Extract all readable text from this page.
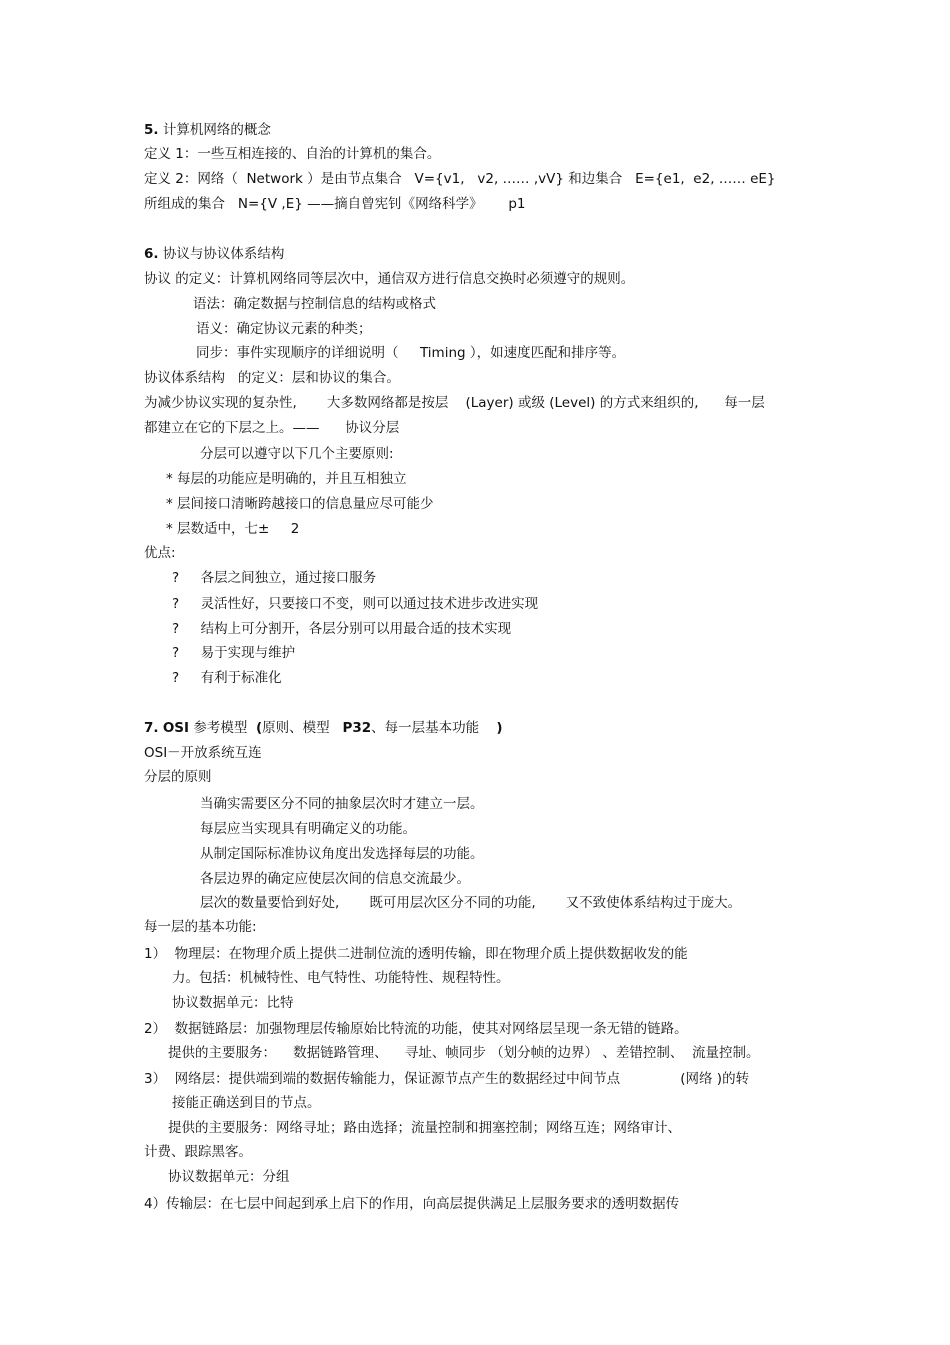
5. 计算机网络的概念

定义 1：一些互相连接的、自治的计算机的集合。

定义 2：网络（  Network ）是由节点集合   V={v1,   v2, …… ,vV} 和边集合   E={e1,  e2, …… eE}

所组成的集合   N={V ,E} ——摘自曾宪钊《网络科学》      p1

6. 协议与协议体系结构

协议 的定义：计算机网络同等层次中，通信双方进行信息交换时必须遵守的规则。

语法：确定数据与控制信息的结构或格式

语义：确定协议元素的种类；

同步：事件实现顺序的详细说明（     Timing ），如速度匹配和排序等。

协议体系结构   的定义：层和协议的集合。

为减少协议实现的复杂性,       大多数网络都是按层    (Layer) 或级 (Level) 的方式来组织的,      每一层

都建立在它的下层之上。——      协议分层

分层可以遵守以下几个主要原则:

* 每层的功能应是明确的，并且互相独立

* 层间接口清晰跨越接口的信息量应尽可能少

* 层数适中，七±     2

优点:

?     各层之间独立，通过接口服务

?     灵活性好，只要接口不变，则可以通过技术进步改进实现

?     结构上可分割开，各层分别可以用最合适的技术实现

?     易于实现与维护

?     有利于标准化

7. OSI 参考模型  (原则、模型   P32、每一层基本功能    )

OSI－开放系统互连

分层的原则

当确实需要区分不同的抽象层次时才建立一层。

每层应当实现具有明确定义的功能。

从制定国际标准协议角度出发选择每层的功能。

各层边界的确定应使层次间的信息交流最少。

层次的数量要恰到好处,       既可用层次区分不同的功能,       又不致使体系结构过于庞大。

每一层的基本功能:

1）  物理层：在物理介质上提供二进制位流的透明传输，即在物理介质上提供数据收发的能

力。包括：机械特性、电气特性、功能特性、规程特性。

协议数据单元：比特

2）  数据链路层：加强物理层传输原始比特流的功能，使其对网络层呈现一条无错的链路。

提供的主要服务：    数据链路管理、    寻址、帧同步 （划分帧的边界） 、差错控制、  流量控制。

3）  网络层：提供端到端的数据传输能力，保证源节点产生的数据经过中间节点              (网络 )的转

接能正确送到目的节点。

提供的主要服务：网络寻址；路由选择；流量控制和拥塞控制；网络互连；网络审计、

计费、跟踪黑客。

协议数据单元：分组

4）传输层：在七层中间起到承上启下的作用，向高层提供满足上层服务要求的透明数据传
